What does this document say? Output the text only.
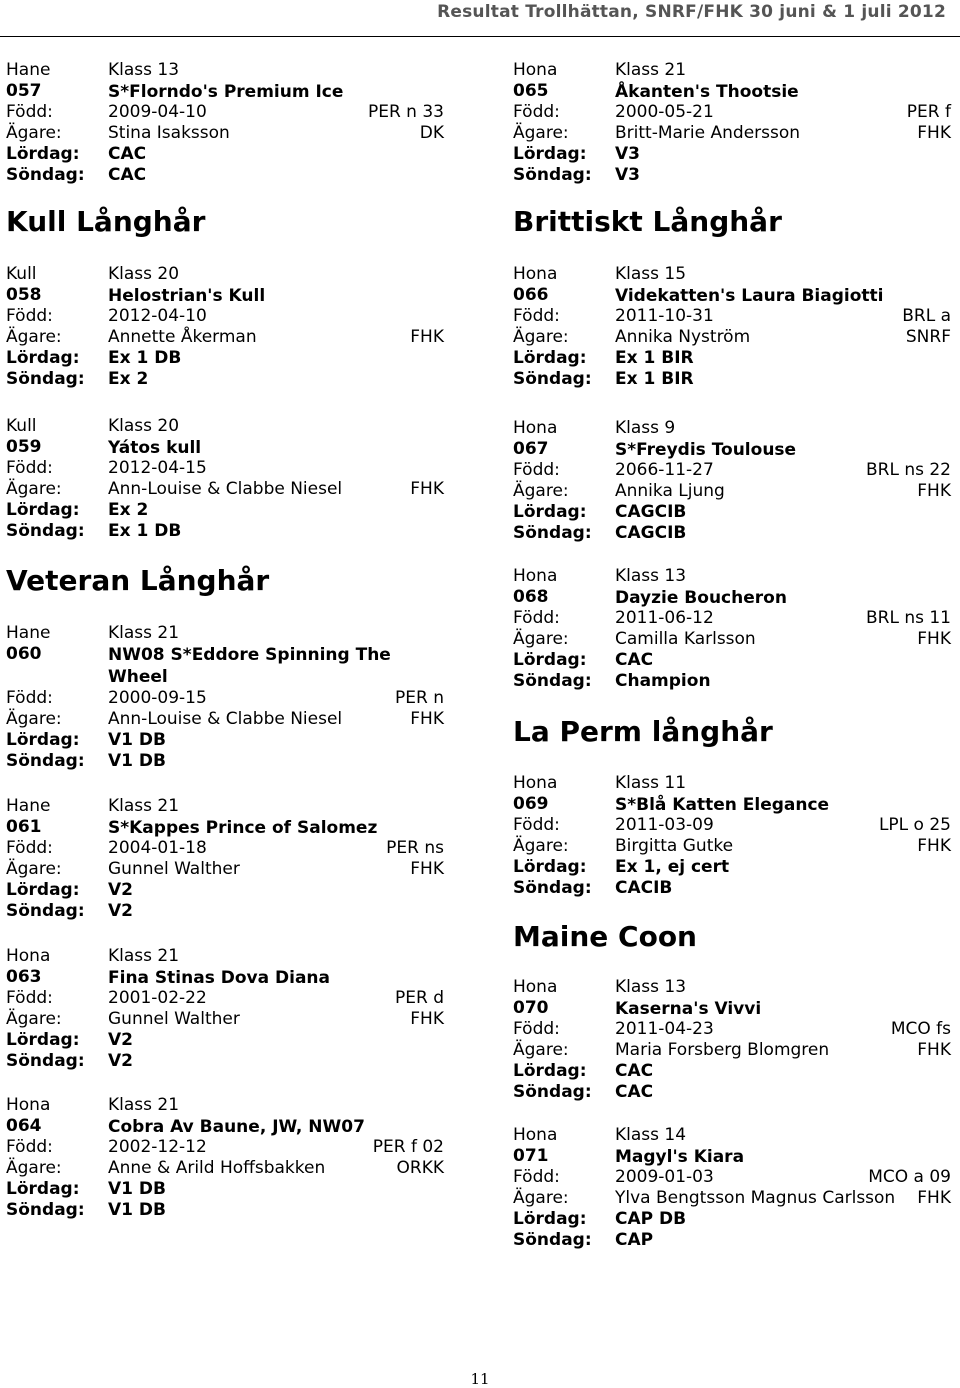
Resultat Trollhättan, SNRF/FHK 30 juni & 1 juli 2012
Hane	Klass 13
057	S*Florndo's Premium Ice
Född:	2009-04-10	PER n 33
Ägare:	Stina Isaksson	DK
Lördag: CAC
Söndag: CAC
Kull Långhår
Kull	Klass 20
058	Helostrian's Kull
Född:	2012-04-10
Ägare:	Annette Åkerman	FHK
Lördag: Ex 1 DB
Söndag: Ex 2
Kull	Klass 20
059	Yátos kull
Född:	2012-04-15
Ägare:	Ann-Louise & Clabbe Niesel	FHK
Lördag: Ex 2
Söndag: Ex 1 DB
Veteran Långhår
Hane	Klass 21
060	NW08 S*Eddore Spinning The Wheel
Född:	2000-09-15	PER n
Ägare:	Ann-Louise & Clabbe Niesel	FHK
Lördag: V1 DB
Söndag: V1 DB
Hane	Klass 21
061	S*Kappes Prince of Salomez
Född:	2004-01-18	PER ns
Ägare:	Gunnel Walther	FHK
Lördag: V2
Söndag: V2
Hona	Klass 21
063	Fina Stinas Dova Diana
Född:	2001-02-22	PER d
Ägare:	Gunnel Walther	FHK
Lördag: V2
Söndag: V2
Hona	Klass 21
064	Cobra Av Baune, JW, NW07
Född:	2002-12-12	PER f 02
Ägare:	Anne & Arild Hoffsbakken	ORKK
Lördag: V1 DB
Söndag: V1 DB
Hona	Klass 21
065	Åkanten's Thootsie
Född:	2000-05-21	PER f
Ägare:	Britt-Marie Andersson	FHK
Lördag: V3
Söndag: V3
Brittiskt Långhår
Hona	Klass 15
066	Videkatten's Laura Biagiotti
Född:	2011-10-31	BRL a
Ägare:	Annika Nyström	SNRF
Lördag: Ex 1 BIR
Söndag: Ex 1 BIR
Hona	Klass 9
067	S*Freydis Toulouse
Född:	2066-11-27	BRL ns 22
Ägare:	Annika Ljung	FHK
Lördag: CAGCIB
Söndag: CAGCIB
Hona	Klass 13
068	Dayzie Boucheron
Född:	2011-06-12	BRL ns 11
Ägare:	Camilla Karlsson	FHK
Lördag: CAC
Söndag: Champion
La Perm långhår
Hona	Klass 11
069	S*Blå Katten Elegance
Född:	2011-03-09	LPL o 25
Ägare:	Birgitta Gutke	FHK
Lördag: Ex 1, ej cert
Söndag: CACIB
Maine Coon
Hona	Klass 13
070	Kaserna's Vivvi
Född:	2011-04-23	MCO fs
Ägare:	Maria Forsberg Blomgren	FHK
Lördag: CAC
Söndag: CAC
Hona	Klass 14
071	Magyl's Kiara
Född:	2009-01-03	MCO a 09
Ägare:	Ylva Bengtsson Magnus Carlsson FHK
Lördag: CAP DB
Söndag: CAP
11
